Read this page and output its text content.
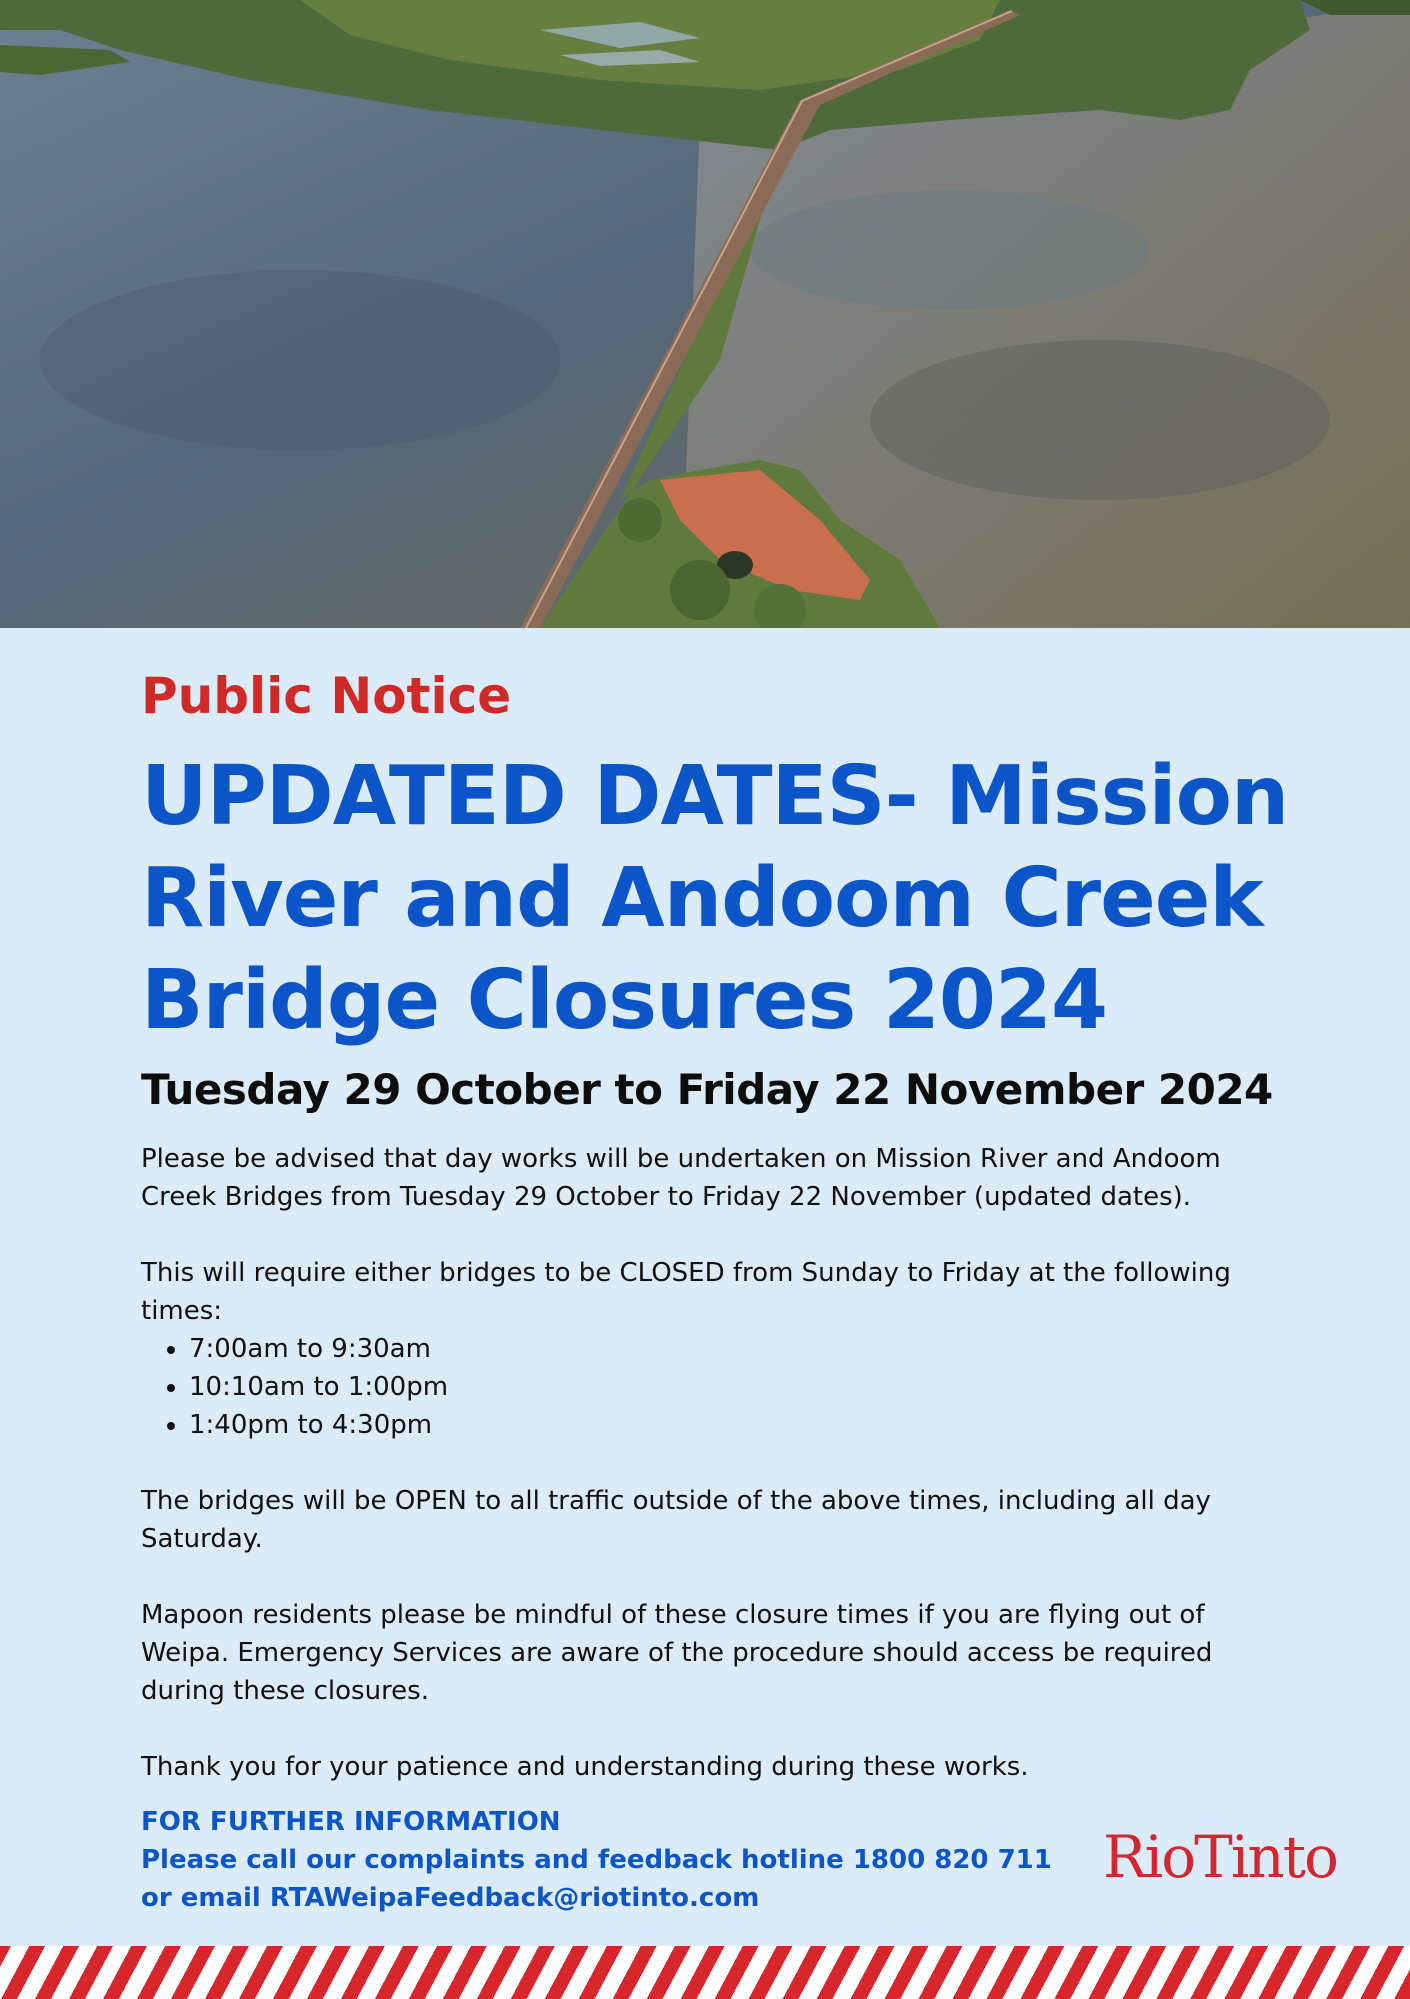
Public Notice
UPDATED DATES- Mission River and Andoom Creek Bridge Closures 2024
Tuesday 29 October to Friday 22 November 2024

Please be advised that day works will be undertaken on Mission River and Andoom Creek Bridges from Tuesday 29 October to Friday 22 November (updated dates).

This will require either bridges to be CLOSED from Sunday to Friday at the following times:

• 7:00am to 9:30am
• 10:10am to 1:00pm
• 1:40pm to 4:30pm

The bridges will be OPEN to all traffic outside of the above times, including all day Saturday.

Mapoon residents please be mindful of these closure times if you are flying out of Weipa. Emergency Services are aware of the procedure should access be required during these closures.

Thank you for your patience and understanding during these works.

FOR FURTHER INFORMATION
Please call our complaints and feedback hotline 1800 820 711
or email RTAWeipaFeedback@riotinto.com
RioTinto
